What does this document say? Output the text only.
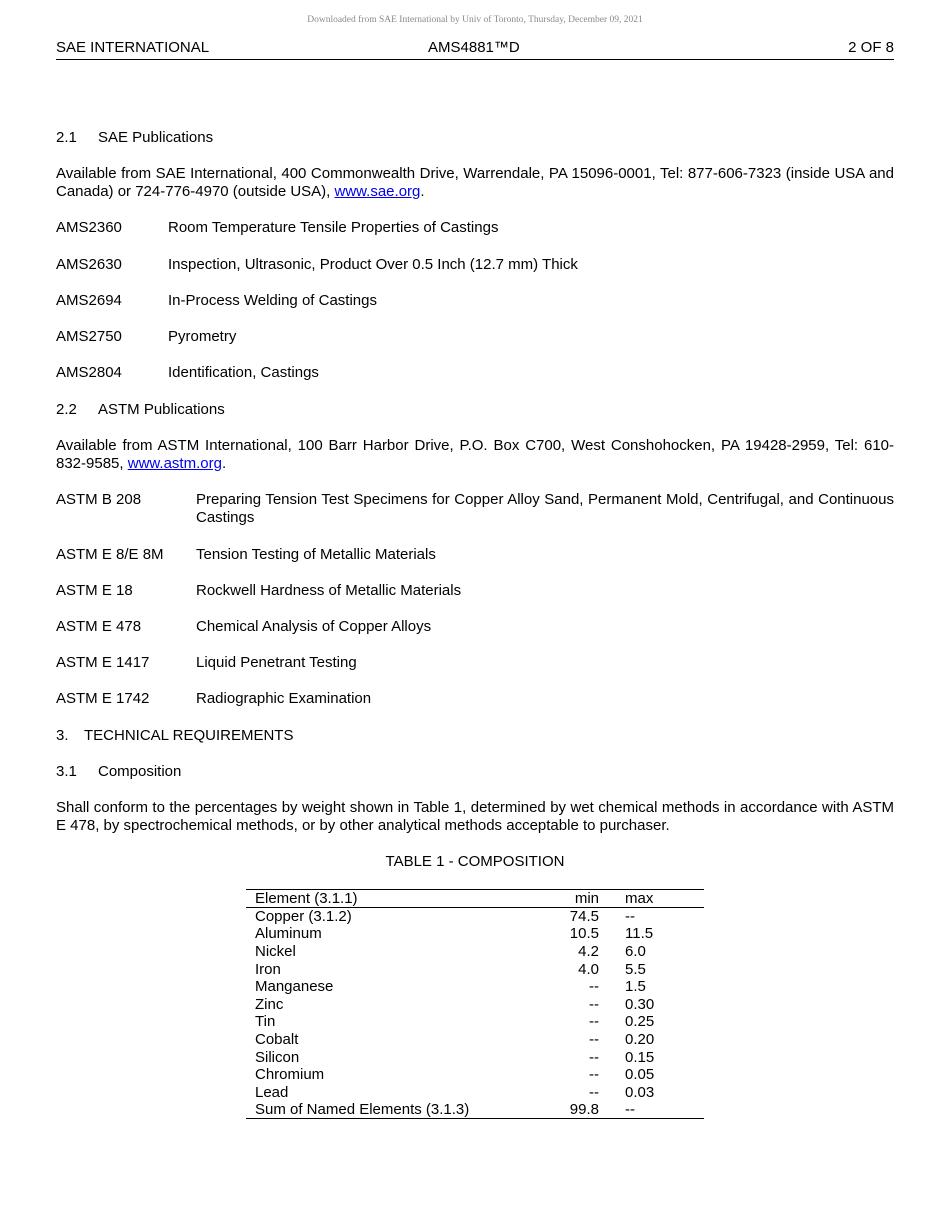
Downloaded from SAE International by Univ of Toronto, Thursday, December 09, 2021
SAE INTERNATIONAL	AMS4881™D	2 OF 8
2.1 SAE Publications
Available from SAE International, 400 Commonwealth Drive, Warrendale, PA 15096-0001, Tel: 877-606-7323 (inside USA and Canada) or 724-776-4970 (outside USA), www.sae.org.
AMS2360	Room Temperature Tensile Properties of Castings
AMS2630	Inspection, Ultrasonic, Product Over 0.5 Inch (12.7 mm) Thick
AMS2694	In-Process Welding of Castings
AMS2750	Pyrometry
AMS2804	Identification, Castings
2.2 ASTM Publications
Available from ASTM International, 100 Barr Harbor Drive, P.O. Box C700, West Conshohocken, PA 19428-2959, Tel: 610-832-9585, www.astm.org.
ASTM B 208	Preparing Tension Test Specimens for Copper Alloy Sand, Permanent Mold, Centrifugal, and Continuous Castings
ASTM E 8/E 8M Tension Testing of Metallic Materials
ASTM E 18	Rockwell Hardness of Metallic Materials
ASTM E 478	Chemical Analysis of Copper Alloys
ASTM E 1417	Liquid Penetrant Testing
ASTM E 1742	Radiographic Examination
3. TECHNICAL REQUIREMENTS
3.1 Composition
Shall conform to the percentages by weight shown in Table 1, determined by wet chemical methods in accordance with ASTM E 478, by spectrochemical methods, or by other analytical methods acceptable to purchaser.
TABLE 1 - COMPOSITION
Element (3.1.1)	min		max
Copper (3.1.2)	74.5		--
Aluminum	10.5		11.5
Nickel	4.2		6.0
Iron	4.0		5.5
Manganese	--		1.5
Zinc	--		0.30
Tin	--		0.25
Cobalt	--		0.20
Silicon	--		0.15
Chromium	--		0.05
Lead	--		0.03
Sum of Named Elements (3.1.3)	99.8		--
